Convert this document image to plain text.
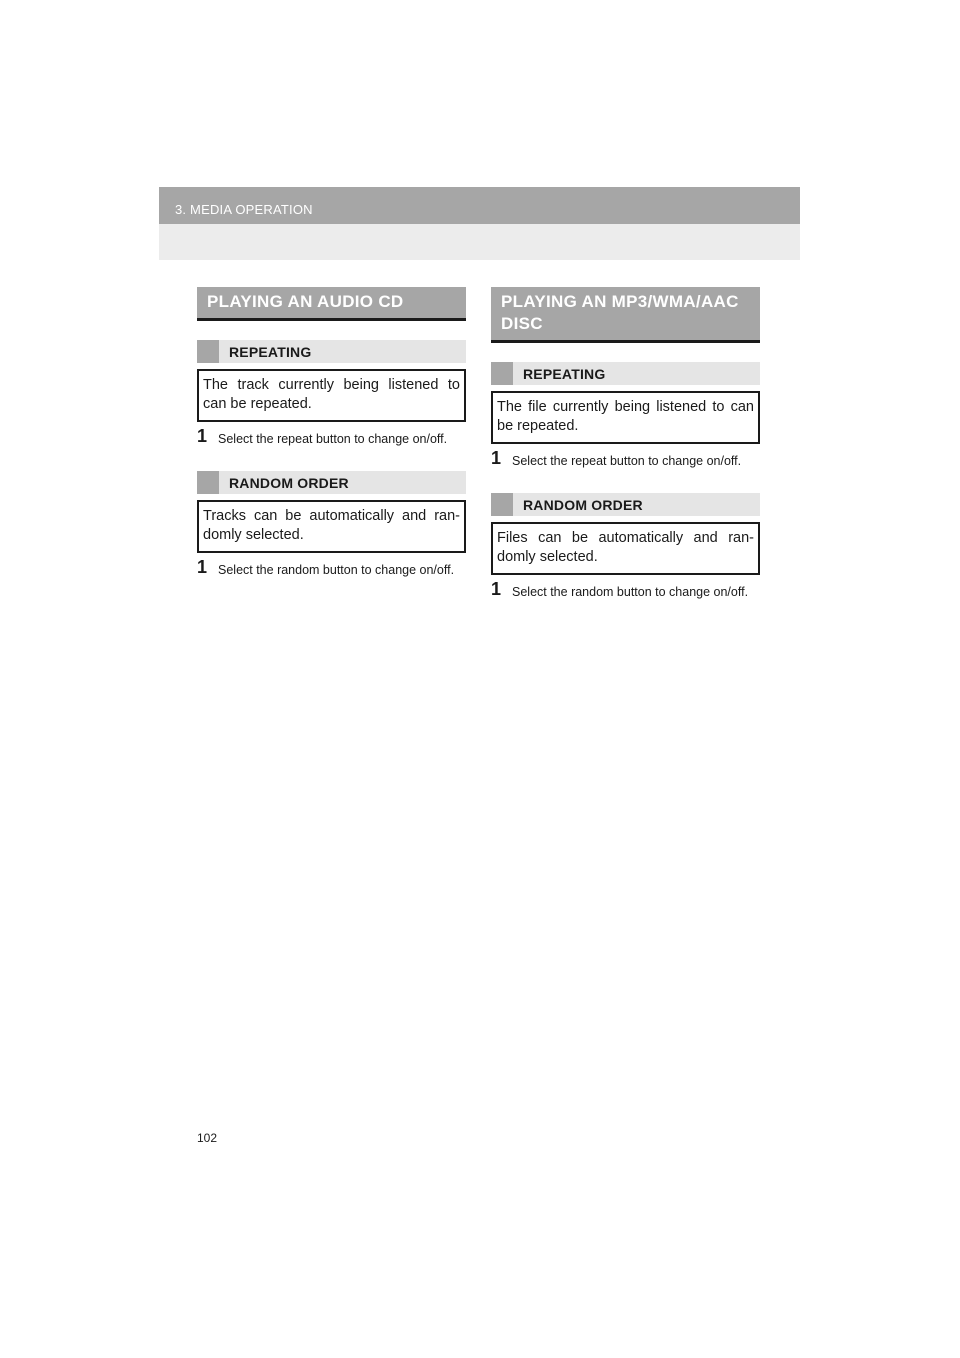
3. MEDIA OPERATION
PLAYING AN AUDIO CD
REPEATING
The track currently being listened to can be repeated.
1 Select the repeat button to change on/off.
RANDOM ORDER
Tracks can be automatically and ran-domly selected.
1 Select the random button to change on/off.
PLAYING AN MP3/WMA/AAC DISC
REPEATING
The file currently being listened to can be repeated.
1 Select the repeat button to change on/off.
RANDOM ORDER
Files can be automatically and ran-domly selected.
1 Select the random button to change on/off.
102
